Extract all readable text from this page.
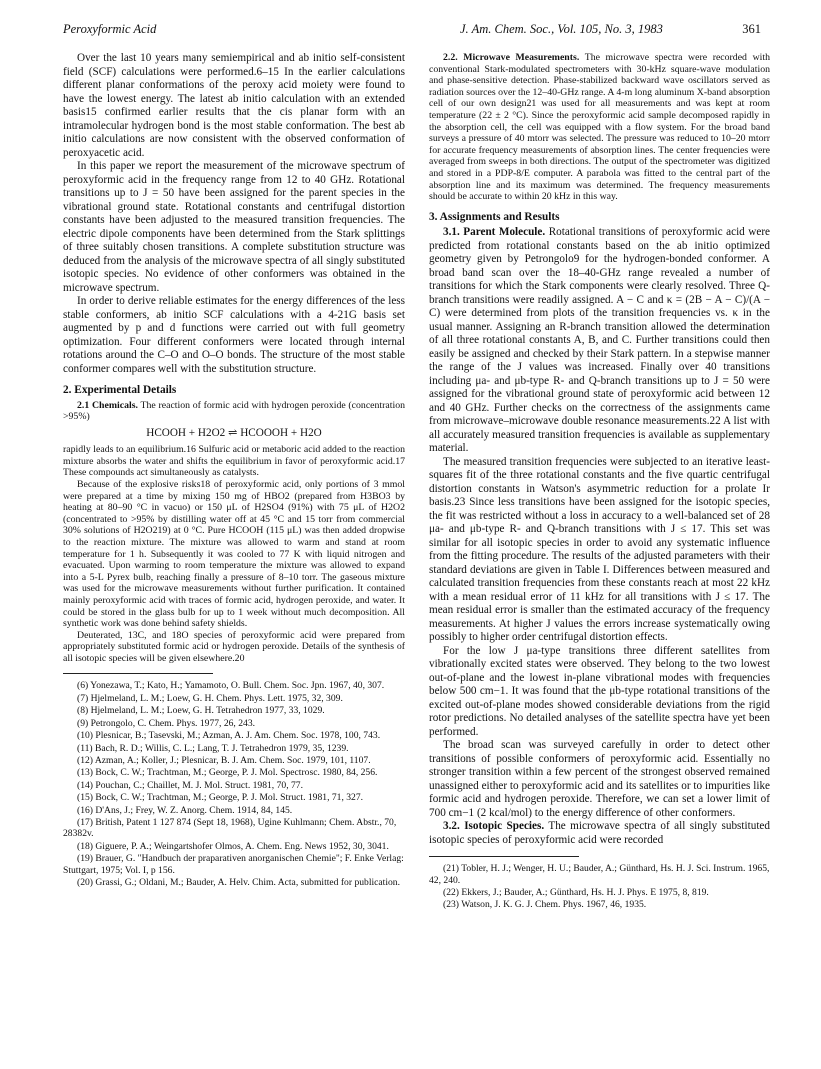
Peroxyformic Acid	J. Am. Chem. Soc., Vol. 105, No. 3, 1983	361

Over the last 10 years many semiempirical and ab initio self-consistent field (SCF) calculations were performed.6–15 In the earlier calculations different planar conformations of the peroxy acid moiety were found to have the lowest energy. The latest ab initio calculation with an extended basis15 confirmed earlier results that the cis planar form with an intramolecular hydrogen bond is the most stable conformation. The best ab initio calculations are now consistent with the observed conformation of peroxyacetic acid.

In this paper we report the measurement of the microwave spectrum of peroxyformic acid in the frequency range from 12 to 40 GHz. Rotational transitions up to J = 50 have been assigned for the parent species in the vibrational ground state. Rotational constants and centrifugal distortion constants have been adjusted to the measured transition frequencies. The electric dipole components have been determined from the Stark splittings of three suitably chosen transitions. A complete substitution structure was deduced from the analysis of the microwave spectra of all singly substituted isotopic species. No evidence of other conformers was obtained in the microwave spectrum.

In order to derive reliable estimates for the energy differences of the less stable conformers, ab initio SCF calculations with a 4-21G basis set augmented by p and d functions were carried out with full geometry optimization. Four different conformers were located through internal rotations around the C–O and O–O bonds. The structure of the most stable conformer compares well with the substitution structure.

2. Experimental Details

2.1 Chemicals. The reaction of formic acid with hydrogen peroxide (concentration >95%)

HCOOH + H2O2 ⇌ HCOOOH + H2O

rapidly leads to an equilibrium.16 Sulfuric acid or metaboric acid added to the reaction mixture absorbs the water and shifts the equilibrium in favor of peroxyformic acid.17 These compounds act simultaneously as catalysts.

Because of the explosive risks18 of peroxyformic acid, only portions of 3 mmol were prepared at a time by mixing 150 mg of HBO2 (prepared from H3BO3 by heating at 80–90 °C in vacuo) or 150 μL of H2SO4 (91%) with 75 μL of H2O2 (concentrated to >95% by distilling water off at 45 °C and 15 torr from commercial 30% solutions of H2O219) at 0 °C. Pure HCOOH (115 μL) was then added dropwise to the reaction mixture. The mixture was allowed to warm and stand at room temperature for 1 h. Subsequently it was cooled to 77 K with liquid nitrogen and evacuated. Upon warming to room temperature the mixture was allowed to expand into a 5-L Pyrex bulb, reaching finally a pressure of 8–10 torr. The gaseous mixture was used for the microwave measurements without further purification. It contained mainly peroxyformic acid with traces of formic acid, hydrogen peroxide, and water. It could be stored in the glass bulb for up to 1 week without much decomposition. All synthetic work was done behind safety shields.

Deuterated, 13C, and 18O species of peroxyformic acid were prepared from appropriately substituted formic acid or hydrogen peroxide. Details of the synthesis of all isotopic species will be given elsewhere.20

(6) Yonezawa, T.; Kato, H.; Yamamoto, O. Bull. Chem. Soc. Jpn. 1967, 40, 307.
(7) Hjelmeland, L. M.; Loew, G. H. Chem. Phys. Lett. 1975, 32, 309.
(8) Hjelmeland, L. M.; Loew, G. H. Tetrahedron 1977, 33, 1029.
(9) Petrongolo, C. Chem. Phys. 1977, 26, 243.
(10) Plesnicar, B.; Tasevski, M.; Azman, A. J. Am. Chem. Soc. 1978, 100, 743.
(11) Bach, R. D.; Willis, C. L.; Lang, T. J. Tetrahedron 1979, 35, 1239.
(12) Azman, A.; Koller, J.; Plesnicar, B. J. Am. Chem. Soc. 1979, 101, 1107.
(13) Bock, C. W.; Trachtman, M.; George, P. J. Mol. Spectrosc. 1980, 84, 256.
(14) Pouchan, C.; Chaillet, M. J. Mol. Struct. 1981, 70, 77.
(15) Bock, C. W.; Trachtman, M.; George, P. J. Mol. Struct. 1981, 71, 327.
(16) D'Ans, J.; Frey, W. Z. Anorg. Chem. 1914, 84, 145.
(17) British, Patent 1 127 874 (Sept 18, 1968), Ugine Kuhlmann; Chem. Abstr., 70, 28382v.
(18) Giguere, P. A.; Weingartshofer Olmos, A. Chem. Eng. News 1952, 30, 3041.
(19) Brauer, G. "Handbuch der praparativen anorganischen Chemie"; F. Enke Verlag: Stuttgart, 1975; Vol. I, p 156.
(20) Grassi, G.; Oldani, M.; Bauder, A. Helv. Chim. Acta, submitted for publication.

2.2. Microwave Measurements. The microwave spectra were recorded with conventional Stark-modulated spectrometers with 30-kHz square-wave modulation and phase-sensitive detection. Phase-stabilized backward wave oscillators served as radiation sources over the 12–40-GHz range. A 4-m long aluminum X-band absorption cell of our own design21 was used for all measurements and was kept at room temperature (22 ± 2 °C). Since the peroxyformic acid sample decomposed rapidly in the absorption cell, the cell was equipped with a flow system. For the broad band surveys a pressure of 40 mtorr was selected. The pressure was reduced to 10–20 mtorr for accurate frequency measurements of absorption lines. The center frequencies were averaged from sweeps in both directions. The output of the spectrometer was digitized and stored in a PDP-8/E computer. A parabola was fitted to the central part of the absorption line and its maximum was determined. The frequency measurements should be accurate to within 20 kHz in this way.

3. Assignments and Results

3.1. Parent Molecule. Rotational transitions of peroxyformic acid were predicted from rotational constants based on the ab initio optimized geometry given by Petrongolo9 for the hydrogen-bonded conformer. A broad band scan over the 18–40-GHz range revealed a number of transitions for which the Stark components were clearly resolved. Three Q-branch transitions were readily assigned. A − C and κ = (2B − A − C)/(A − C) were determined from plots of the transition frequencies vs. κ in the usual manner. Assigning an R-branch transition allowed the determination of all three rotational constants A, B, and C. Further transitions could then easily be assigned and checked by their Stark pattern. In a stepwise manner the range of the J values was increased. Finally over 40 transitions including μa- and μb-type R- and Q-branch transitions up to J = 50 were assigned for the vibrational ground state of peroxyformic acid between 12 and 40 GHz. Further checks on the correctness of the assignments came from microwave–microwave double resonance measurements.22 A list with all accurately measured transition frequencies is available as supplementary material.

The measured transition frequencies were subjected to an iterative least-squares fit of the three rotational constants and the five quartic centrifugal distortion constants in Watson's asymmetric reduction for a prolate Ir basis.23 Since less transitions have been assigned for the isotopic species, the fit was restricted without a loss in accuracy to a well-balanced set of 28 μa- and μb-type R- and Q-branch transitions with J ≤ 17. This set was similar for all isotopic species in order to avoid any systematic influence from the fitting procedure. The results of the adjusted parameters with their standard deviations are given in Table I. Differences between measured and calculated transition frequencies from these constants reach at most 22 kHz with a mean residual error of 11 kHz for all transitions with J ≤ 17. The mean residual error is smaller than the estimated accuracy of the frequency measurements. At higher J values the errors increase systematically owing possibly to higher order centrifugal distortion effects.

For the low J μa-type transitions three different satellites from vibrationally excited states were observed. They belong to the two lowest out-of-plane and the lowest in-plane vibrational modes with frequencies below 500 cm−1. It was found that the μb-type rotational transitions of the excited out-of-plane modes showed considerable deviations from the rigid rotor predictions. No detailed analyses of the satellite spectra have yet been performed.

The broad scan was surveyed carefully in order to detect other transitions of possible conformers of peroxyformic acid. Essentially no stronger transition within a few percent of the strongest observed remained unassigned either to peroxyformic acid and its satellites or to impurities like formic acid and hydrogen peroxide. Therefore, we can set a lower limit of 700 cm−1 (2 kcal/mol) to the energy difference of other conformers.

3.2. Isotopic Species. The microwave spectra of all singly substituted isotopic species of peroxyformic acid were recorded

(21) Tobler, H. J.; Wenger, H. U.; Bauder, A.; Günthard, Hs. H. J. Sci. Instrum. 1965, 42, 240.
(22) Ekkers, J.; Bauder, A.; Günthard, Hs. H. J. Phys. E 1975, 8, 819.
(23) Watson, J. K. G. J. Chem. Phys. 1967, 46, 1935.
